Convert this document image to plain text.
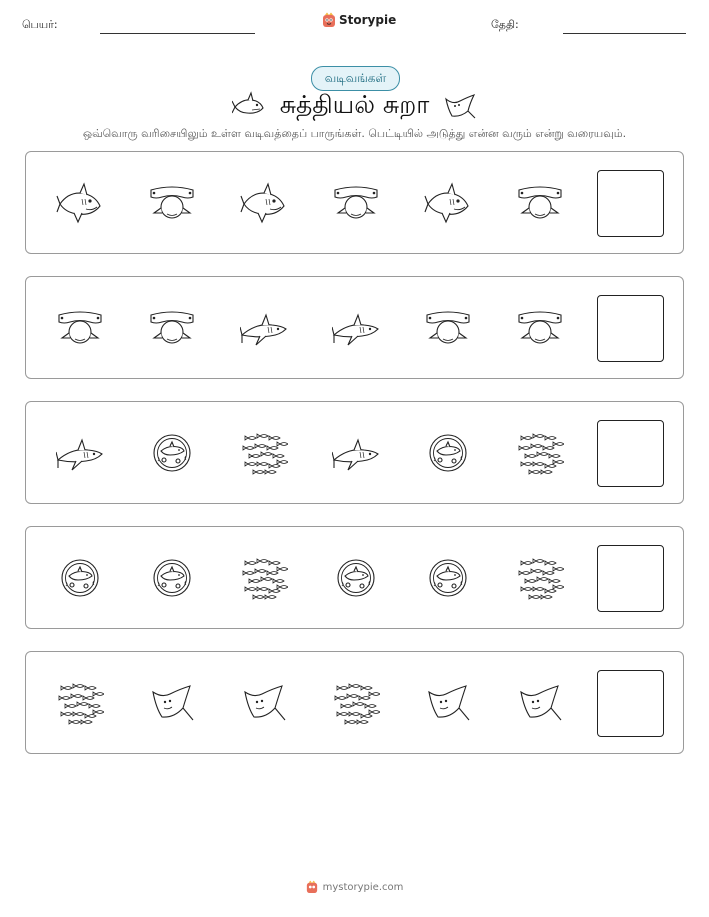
பெயர்:	Storypie	தேதி:
வடிவங்கள்
சுத்தியல் சுறா
ஒவ்வொரு வரிசையிலும் உள்ள வடிவத்தைப் பாருங்கள். பெட்டியில் அடுத்து என்ன வரும் என்று வரையவும்.
mystorypie.com
